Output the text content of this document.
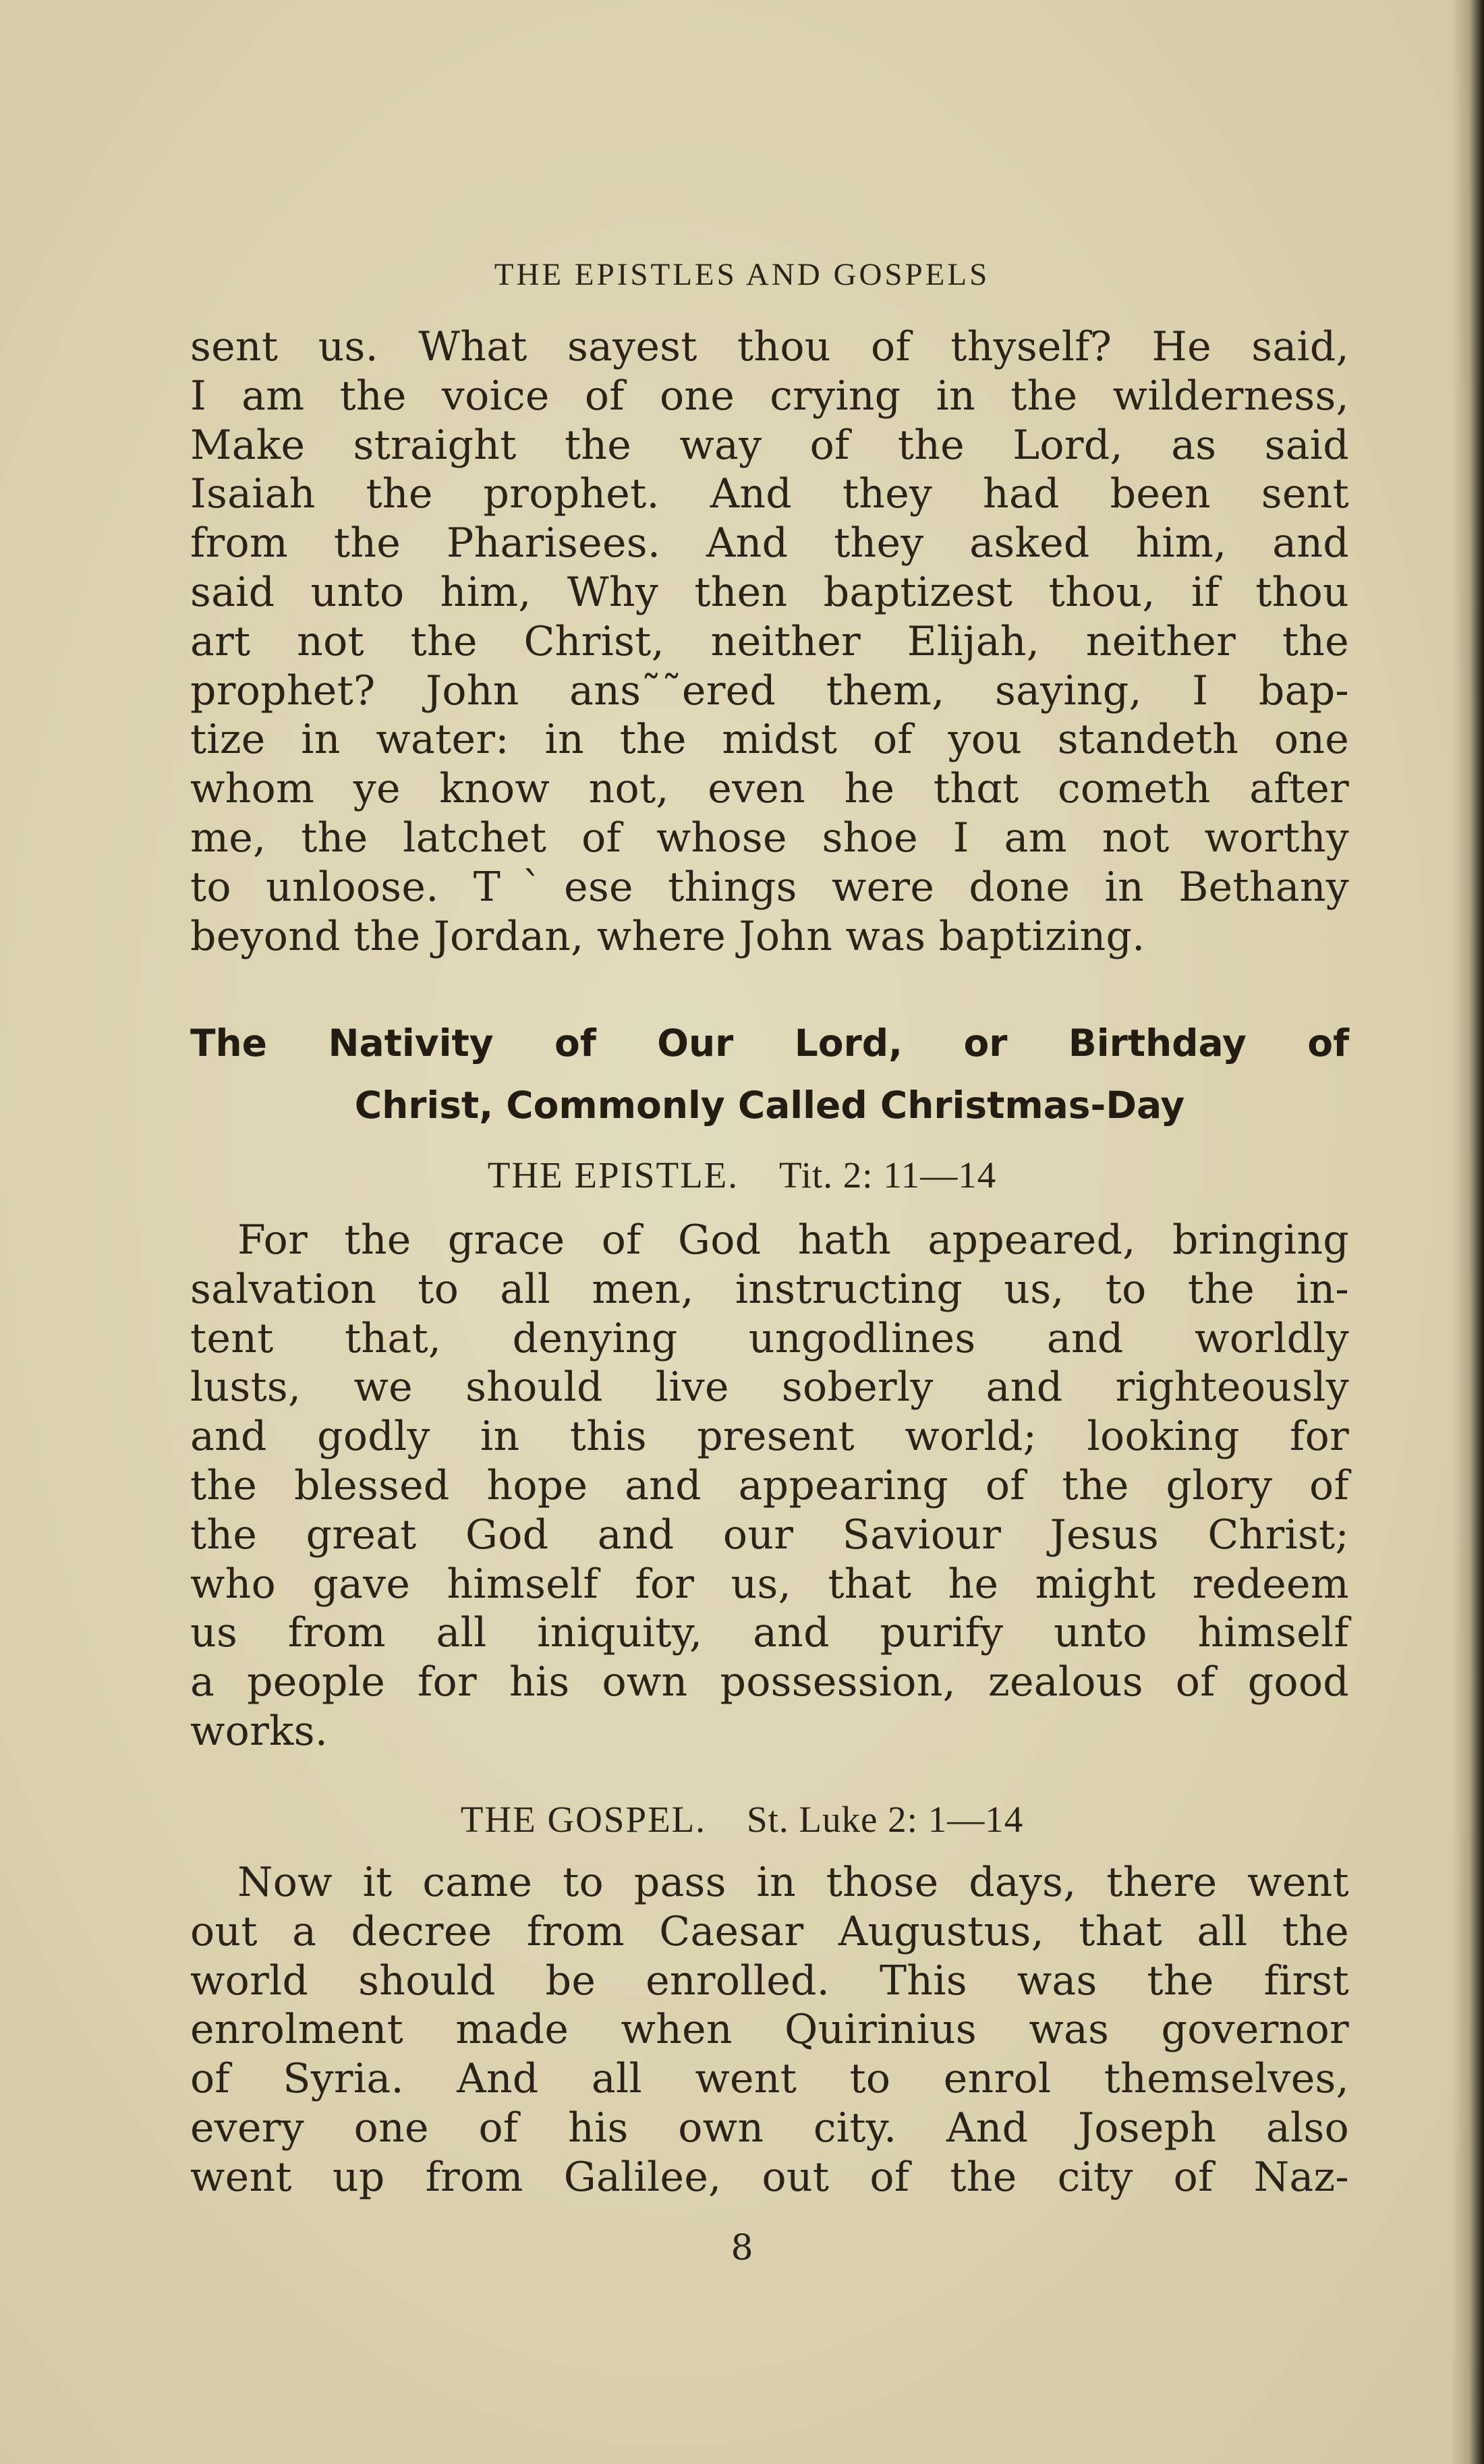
THE EPISTLES AND GOSPELS

sent us. What sayest thou of thyself? He said,
I am the voice of one crying in the wilderness,
Make straight the way of the Lord, as said
Isaiah the prophet. And they had been sent
from the Pharisees. And they asked him, and
said unto him, Why then baptizest thou, if thou
art not the Christ, neither Elijah, neither the
prophet? John ans˜˜ered them, saying, I bap-
tize in water: in the midst of you standeth one
whom ye know not, even he thɑt cometh after
me, the latchet of whose shoe I am not worthy
to unloose. Tˋese things were done in Bethany
beyond the Jordan, where John was baptizing.

The Nativity of Our Lord, or Birthday of
Christ, Commonly Called Christmas-Day
THE EPISTLE. Tit. 2: 11—14

For the grace of God hath appeared, bringing
salvation to all men, instructing us, to the in-
tent that, denying ungodlines and worldly
lusts, we should live soberly and righteously
and godly in this present world; looking for
the blessed hope and appearing of the glory of
the great God and our Saviour Jesus Christ;
who gave himself for us, that he might redeem
us from all iniquity, and purify unto himself
a people for his own possession, zealous of good
works.

THE GOSPEL. St. Luke 2: 1—14

Now it came to pass in those days, there went
out a decree from Caesar Augustus, that all the
world should be enrolled. This was the first
enrolment made when Quirinius was governor
of Syria. And all went to enrol themselves,
every one of his own city. And Joseph also
went up from Galilee, out of the city of Naz-

8
